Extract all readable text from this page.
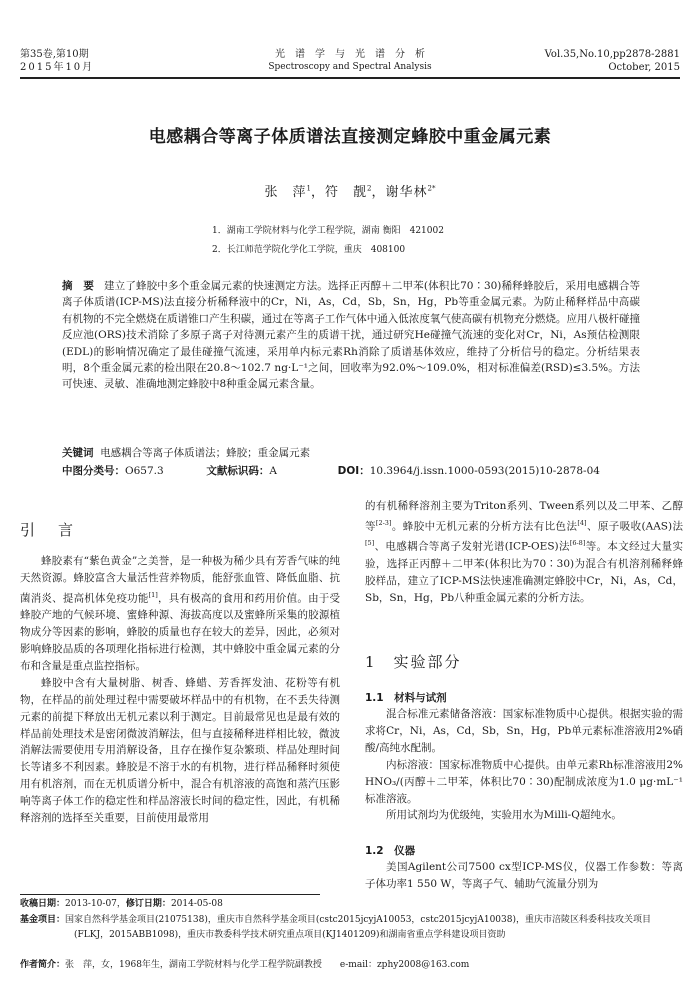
第35卷,第10期
2015年10月
光　谱　学　与　光　谱　分　析
Spectroscopy and Spectral Analysis
Vol.35,No.10,pp2878-2881
October, 2015
电感耦合等离子体质谱法直接测定蜂胶中重金属元素
张　萍$^1$，符　靓$^2$，谢华林$^{2*}$
1．湖南工学院材料与化学工程学院，湖南 衡阳　421002
2．长江师范学院化学化工学院，重庆　408100
摘　要 建立了蜂胶中多个重金属元素的快速测定方法。选择正丙醇＋二甲苯(体积比70∶30)稀释蜂胶后，采用电感耦合等离子体质谱(ICP-MS)法直接分析稀释液中的Cr，Ni，As，Cd，Sb，Sn，Hg，Pb等重金属元素。为防止稀释样品中高碳有机物的不完全燃烧在质谱锥口产生积碳，通过在等离子工作气体中通入低浓度氧气使高碳有机物充分燃烧。应用八极杆碰撞反应池(ORS)技术消除了多原子离子对待测元素产生的质谱干扰，通过研究He碰撞气流速的变化对Cr，Ni，As预估检测限(EDL)的影响情况确定了最佳碰撞气流速，采用单内标元素Rh消除了质谱基体效应，维持了分析信号的稳定。分析结果表明，8个重金属元素的检出限在20.8～102.7 ng·L⁻¹之间，回收率为92.0%～109.0%，相对标准偏差(RSD)≤3.5%。方法可快速、灵敏、准确地测定蜂胶中8种重金属元素含量。
关键词 电感耦合等离子体质谱法；蜂胶；重金属元素
中图分类号：O657.3	文献标识码：A	DOI：10.3964/j.issn.1000-0593(2015)10-2878-04
引　言

蜂胶素有“紫色黄金”之美誉，是一种极为稀少具有芳香气味的纯天然资源。蜂胶富含大量活性营养物质，能舒张血管、降低血脂、抗菌消炎、提高机体免疫功能[1]，具有极高的食用和药用价值。由于受蜂胶产地的气候环境、蜜蜂种源、海拔高度以及蜜蜂所采集的胶源植物成分等因素的影响，蜂胶的质量也存在较大的差异，因此，必须对影响蜂胶品质的各项理化指标进行检测，其中蜂胶中重金属元素的分布和含量是重点监控指标。

蜂胶中含有大量树脂、树香、蜂蜡、芳香挥发油、花粉等有机物，在样品的前处理过程中需要破坏样品中的有机物，在不丢失待测元素的前提下释放出无机元素以利于测定。目前最常见也是最有效的样品前处理技术是密闭微波消解法，但与直接稀释进样相比较，微波消解法需要使用专用消解设备，且存在操作复杂繁琐、样品处理时间长等诸多不利因素。蜂胶是不溶于水的有机物，进行样品稀释时须使用有机溶剂，而在无机质谱分析中，混合有机溶液的高饱和蒸汽压影响等离子体工作的稳定性和样品溶液长时间的稳定性，因此，有机稀释溶剂的选择至关重要，目前使用最常用

的有机稀释溶剂主要为Triton系列、Tween系列以及二甲苯、乙醇等[2-3]。蜂胶中无机元素的分析方法有比色法[4]、原子吸收(AAS)法[5]、电感耦合等离子发射光谱(ICP-OES)法[6-8]等。本文经过大量实验，选择正丙醇＋二甲苯(体积比为70∶30)为混合有机溶剂稀释蜂胶样品，建立了ICP-MS法快速准确测定蜂胶中Cr，Ni，As，Cd，Sb，Sn，Hg，Pb八种重金属元素的分析方法。

1　实验部分
1.1　材料与试剂

混合标准元素储备溶液：国家标准物质中心提供。根据实验的需求将Cr，Ni，As，Cd，Sb，Sn，Hg，Pb单元素标准溶液用2%硝酸/高纯水配制。

内标溶液：国家标准物质中心提供。由单元素Rh标准溶液用2% HNO₃/(丙醇＋二甲苯，体积比70∶30)配制成浓度为1.0 μg·mL⁻¹标准溶液。

所用试剂均为优级纯，实验用水为Milli-Q超纯水。

1.2　仪器

美国Agilent公司7500 cx型ICP-MS仪，仪器工作参数：等离子体功率1 550 W，等离子气、辅助气流量分别为

收稿日期：2013-10-07，修订日期：2014-05-08
基金项目：国家自然科学基金项目(21075138)，重庆市自然科学基金项目(cstc2015jcyjA10053，cstc2015jcyjA10038)，重庆市涪陵区科委科技攻关项目(FLKJ，2015ABB1098)，重庆市教委科学技术研究重点项目(KJ1401209)和湖南省重点学科建设项目资助
作者简介：张　萍，女，1968年生，湖南工学院材料与化学工程学院副教授　　e-mail：zphy2008@163.com
